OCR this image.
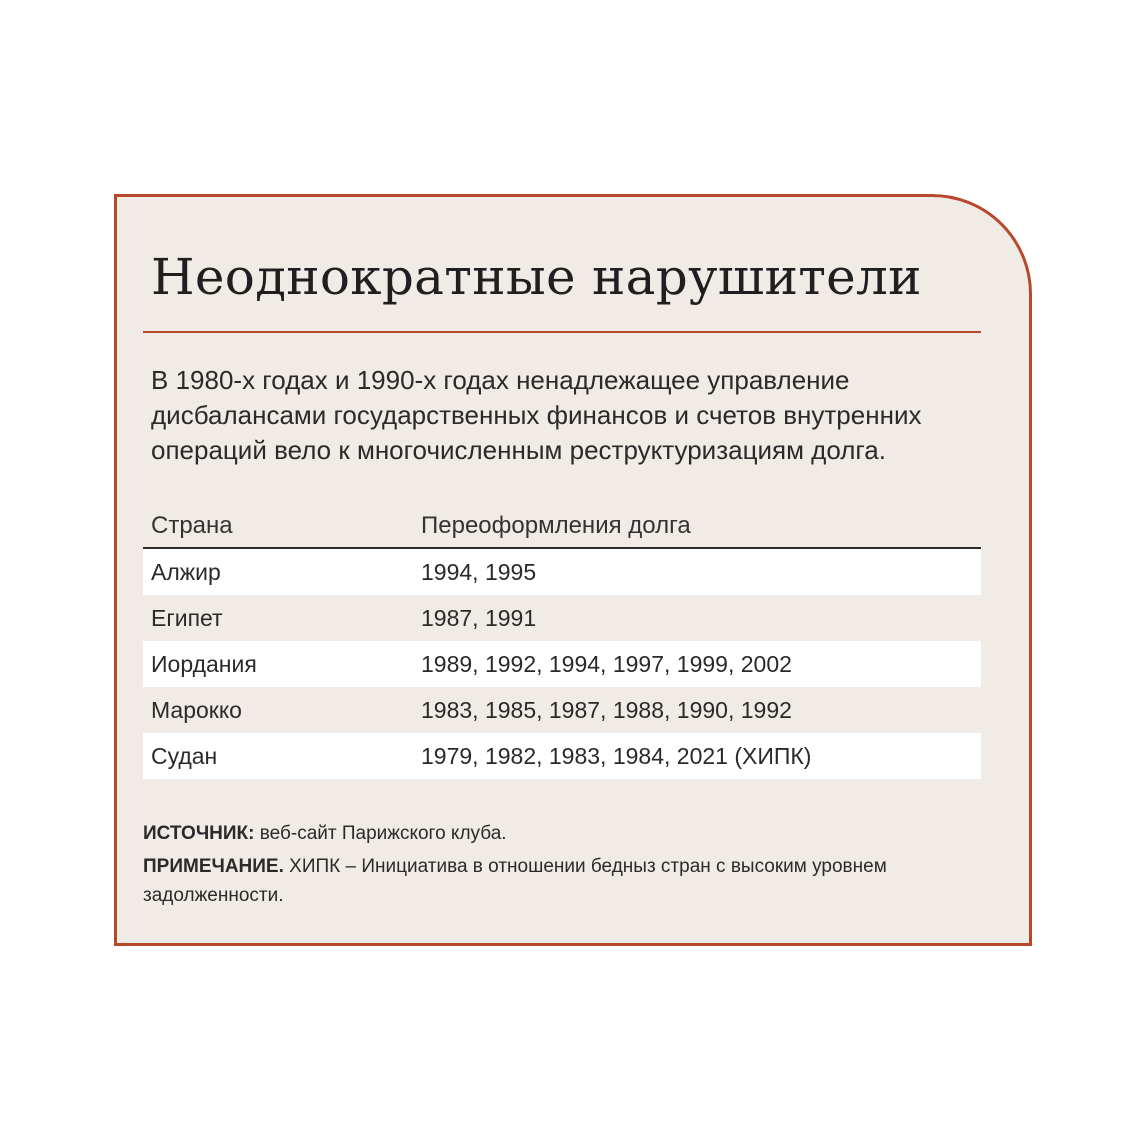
Неоднократные нарушители

В 1980-х годах и 1990-х годах ненадлежащее управление дисбалансами государственных финансов и счетов внутренних операций вело к многочисленным реструктуризациям долга.

Страна	Переоформления долга
Алжир	1994, 1995
Египет	1987, 1991
Иордания	1989, 1992, 1994, 1997, 1999, 2002
Марокко	1983, 1985, 1987, 1988, 1990, 1992
Судан	1979, 1982, 1983, 1984, 2021 (ХИПК)

ИСТОЧНИК: веб-сайт Парижского клуба.

ПРИМЕЧАНИЕ. ХИПК – Инициатива в отношении бедныз стран с высоким уровнем задолженности.
